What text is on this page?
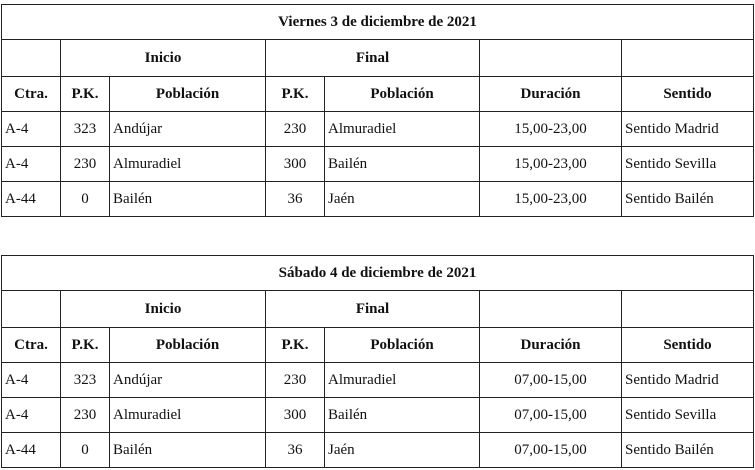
Viernes 3 de diciembre de 2021						
	Inicio		Final			
Ctra.	P.K.	Población	P.K.	Población	Duración	Sentido
A-4	323	Andújar	230	Almuradiel	15,00-23,00	Sentido Madrid
A-4	230	Almuradiel	300	Bailén	15,00-23,00	Sentido Sevilla
A-44	0	Bailén	36	Jaén	15,00-23,00	Sentido Bailén
Sábado 4 de diciembre de 2021						
	Inicio		Final			
Ctra.	P.K.	Población	P.K.	Población	Duración	Sentido
A-4	323	Andújar	230	Almuradiel	07,00-15,00	Sentido Madrid
A-4	230	Almuradiel	300	Bailén	07,00-15,00	Sentido Sevilla
A-44	0	Bailén	36	Jaén	07,00-15,00	Sentido Bailén
